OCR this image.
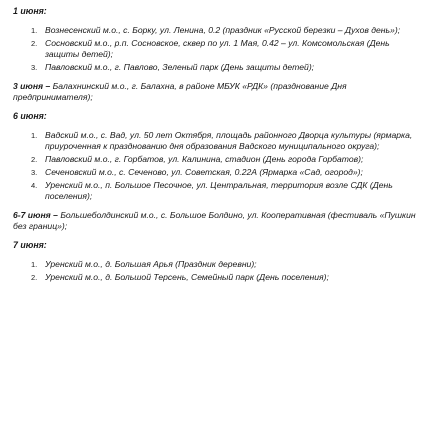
1 июня:
1. Вознесенский м.о., с. Борку, ул. Ленина, 0.2 (праздник «Русской березки – Духов день»);
2. Сосновский м.о., р.п. Сосновское, сквер по ул. 1 Мая, 0.42 – ул. Комсомольская (День защиты детей);
3. Павловский м.о., г. Павлово, Зеленый парк (День защиты детей);
3 июня – Балахнинский м.о., г. Балахна, в районе МБУК «РДК» (празднование Дня предпринимателя);
6 июня:
1. Вадский м.о., с. Вад, ул. 50 лет Октября, площадь районного Дворца культуры (ярмарка, приуроченная к празднованию дня образования Вадского муниципального округа);
2. Павловский м.о., г. Горбатов, ул. Калинина, стадион (День города Горбатов);
3. Сеченовский м.о., с. Сеченово, ул. Советская, 0.22А (Ярмарка «Сад, огород»);
4. Уренский м.о., п. Большое Песочное, ул. Центральная, территория возле СДК (День поселения);
6-7 июня – Большеболдинский м.о., с. Большое Болдино, ул. Кооперативная (фестиваль «Пушкин без границ»);
7 июня:
1. Уренский м.о., д. Большая Арья (Праздник деревни);
2. Уренский м.о., д. Большой Терсень, Семейный парк (День поселения);
